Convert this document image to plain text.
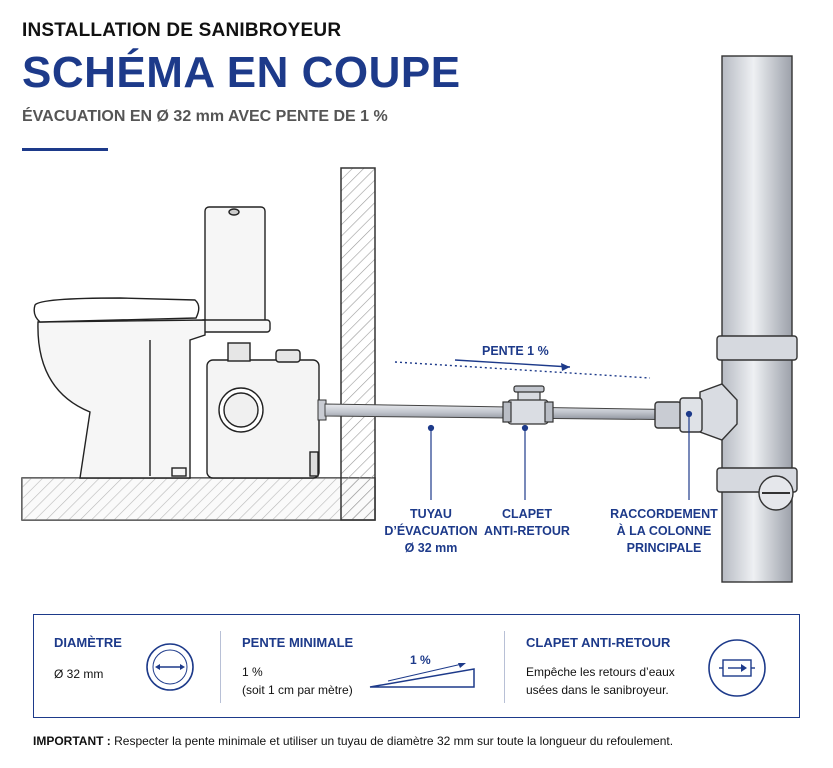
INSTALLATION DE SANIBROYEUR
SCHÉMA EN COUPE
ÉVACUATION EN Ø 32 mm AVEC PENTE DE 1 %
PENTE 1 %
TUYAU
D’ÉVACUATION
Ø 32 mm
CLAPET
ANTI-RETOUR
RACCORDEMENT
À LA COLONNE
PRINCIPALE
DIAMÈTRE
Ø 32 mm
PENTE MINIMALE
1 %
(soit 1 cm par mètre)
1 %
CLAPET ANTI-RETOUR
Empêche les retours d’eaux
usées dans le sanibroyeur.
IMPORTANT : Respecter la pente minimale et utiliser un tuyau de diamètre 32 mm sur toute la longueur du refoulement.
